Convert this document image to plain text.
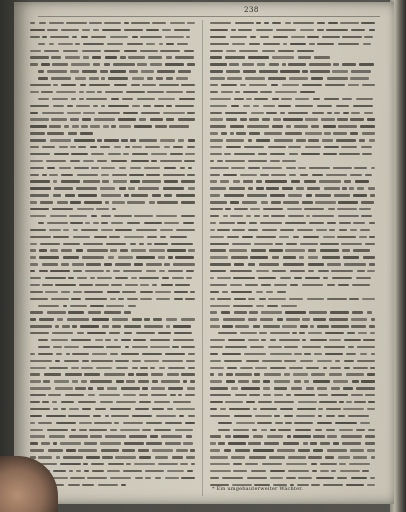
238
* Ein umgebauterweiter Wächter.
